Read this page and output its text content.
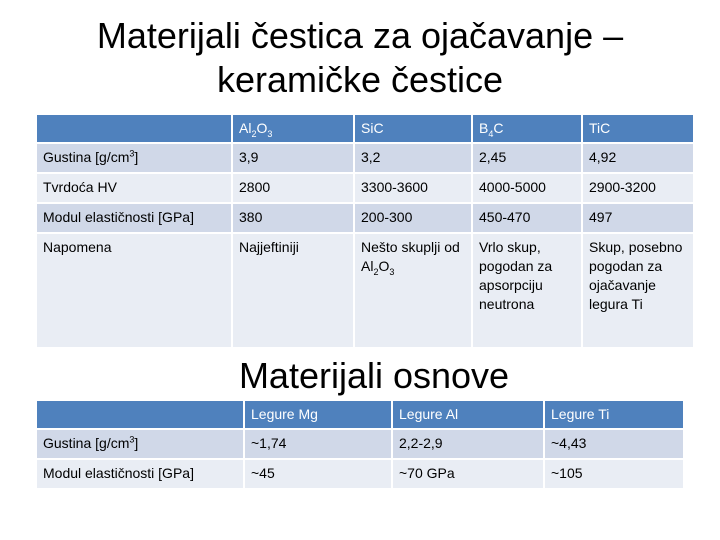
Materijali čestica za ojačavanje –
keramičke čestice
	$Al_2O_3$	SiC	$B_4C$	TiC
Gustina $[g/cm^3]$	3,9	3,2	2,45	4,92
Tvrdoća HV	2800	3300-3600	4000-5000	2900-3200
Modul elastičnosti [GPa]	380	200-300	450-470	497
Napomena	Najjeftiniji	Nešto skuplji od $Al_2O_3$	Vrlo skup, pogodan za apsorpciju neutrona	Skup, posebno pogodan za ojačavanje legura Ti
Materijali osnove
	Legure Mg	Legure Al	Legure Ti
Gustina $[g/cm^3]$	~1,74	2,2-2,9	~4,43
Modul elastičnosti [GPa]	~45	~70 GPa	~105
